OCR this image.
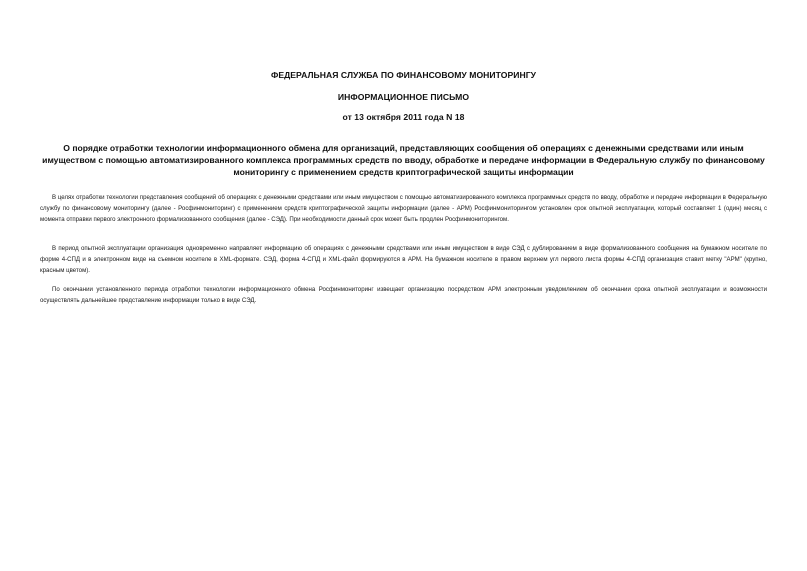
ФЕДЕРАЛЬНАЯ СЛУЖБА ПО ФИНАНСОВОМУ МОНИТОРИНГУ
ИНФОРМАЦИОННОЕ ПИСЬМО
от 13 октября 2011 года N 18
О порядке отработки технологии информационного обмена для организаций, представляющих сообщения об операциях с денежными средствами или иным имуществом с помощью автоматизированного комплекса программных средств по вводу, обработке и передаче информации в Федеральную службу по финансовому мониторингу с применением средств криптографической защиты информации

В целях отработки технологии представления сообщений об операциях с денежными средствами или иным имуществом с помощью автоматизированного комплекса программных средств по вводу, обработке и передаче информации в Федеральную службу по финансовому мониторингу (далее - Росфинмониторинг) с применением средств криптографической защиты информации (далее - АРМ) Росфинмониторингом установлен срок опытной эксплуатации, который составляет 1 (один) месяц с момента отправки первого электронного формализованного сообщения (далее - СЭД). При необходимости данный срок может быть продлен Росфинмониторингом.

В период опытной эксплуатации организация одновременно направляет информацию об операциях с денежными средствами или иным имуществом в виде СЭД с дублированием в виде формализованного сообщения на бумажном носителе по форме 4-СПД и в электронном виде на съемном носителе в XML-формате. СЭД, форма 4-СПД и XML-файл формируются в АРМ. На бумажном носителе в правом верхнем угл первого листа формы 4-СПД организация ставит метку "АРМ" (крупно, красным цветом).

По окончании установленного периода отработки технологии информационного обмена Росфинмониторинг извещает организацию посредством АРМ электронным уведомлением об окончании срока опытной эксплуатации и возможности осуществлять дальнейшее представление информации только в виде СЭД.
